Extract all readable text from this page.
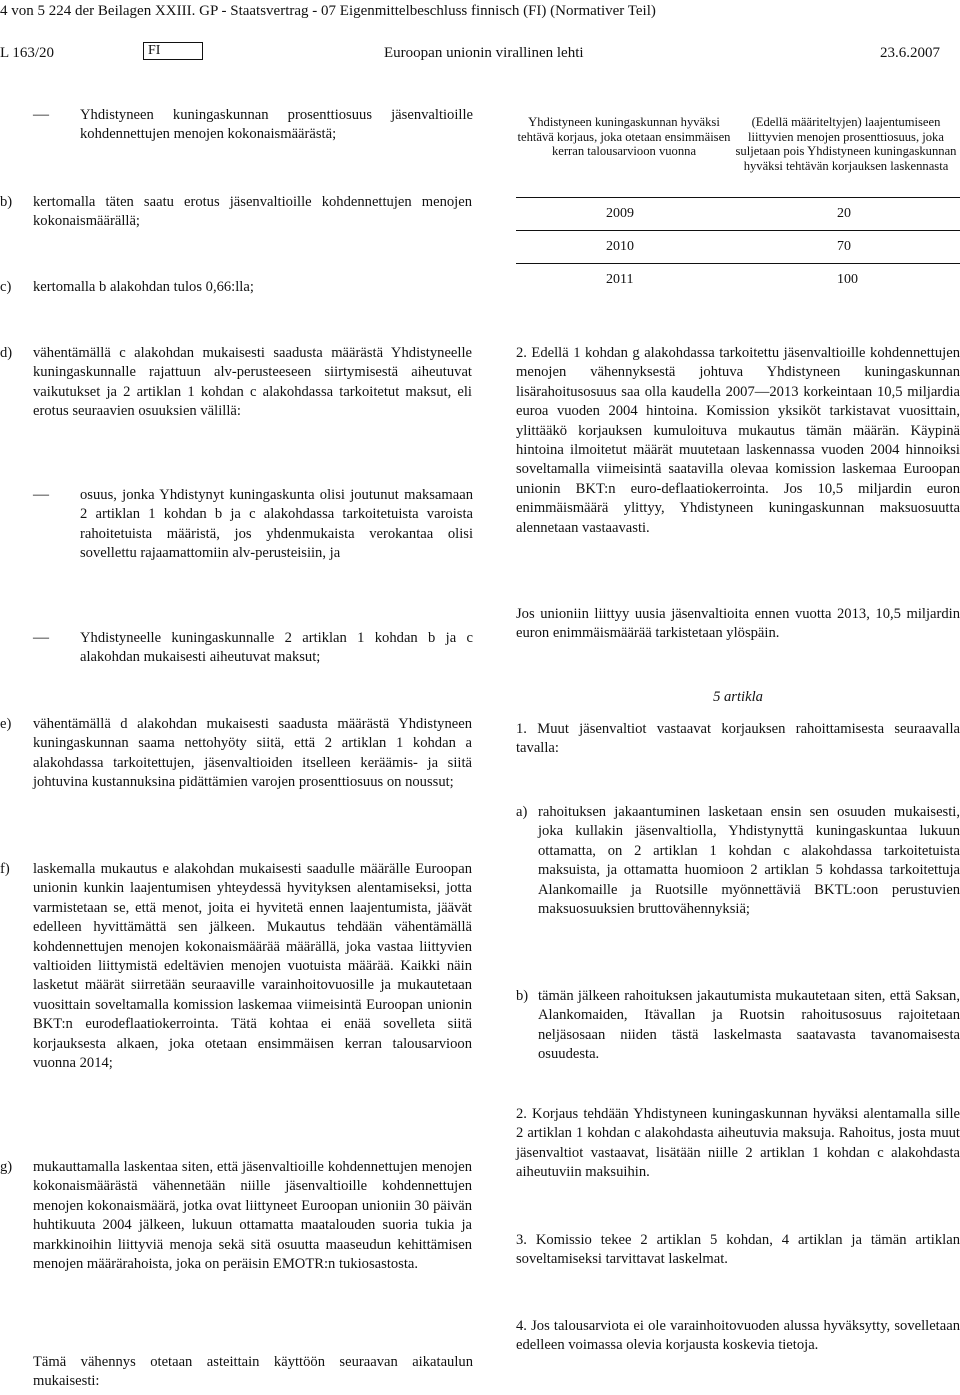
4 von 5 224 der Beilagen XXIII. GP - Staatsvertrag - 07 Eigenmittelbeschluss finnisch (FI) (Normativer Teil)
L 163/20	FI	Euroopan unionin virallinen lehti	23.6.2007
—	Yhdistyneen kuningaskunnan prosenttiosuus jäsenvaltioille kohdennettujen menojen kokonaismäärästä;

b) kertomalla täten saatu erotus jäsenvaltioille kohdennettujen menojen kokonaismäärällä;

c) kertomalla b alakohdan tulos 0,66:lla;

d) vähentämällä c alakohdan mukaisesti saadusta määrästä Yhdistyneelle kuningaskunnalle rajattuun alv-perusteeseen siirtymisestä aiheutuvat vaikutukset ja 2 artiklan 1 kohdan c alakohdassa tarkoitetut maksut, eli erotus seuraavien osuuksien välillä:

—	osuus, jonka Yhdistynyt kuningaskunta olisi joutunut maksamaan 2 artiklan 1 kohdan b ja c alakohdassa tarkoitetuista varoista rahoitetuista määristä, jos yhdenmukaista verokantaa olisi sovellettu rajaamattomiin alv-perusteisiin, ja

—	Yhdistyneelle kuningaskunnalle 2 artiklan 1 kohdan b ja c alakohdan mukaisesti aiheutuvat maksut;

e) vähentämällä d alakohdan mukaisesti saadusta määrästä Yhdistyneen kuningaskunnan saama nettohyöty siitä, että 2 artiklan 1 kohdan a alakohdassa tarkoitettujen, jäsenvaltioiden itselleen keräämis- ja siitä johtuvina kustannuksina pidättämien varojen prosenttiosuus on noussut;

f) laskemalla mukautus e alakohdan mukaisesti saadulle määrälle Euroopan unionin kunkin laajentumisen yhteydessä hyvityksen alentamiseksi, jotta varmistetaan se, että menot, joita ei hyvitetä ennen laajentumista, jäävät edelleen hyvittämättä sen jälkeen. Mukautus tehdään vähentämällä kohdennettujen menojen kokonaismäärää määrällä, joka vastaa liittyvien valtioiden liittymistä edeltävien menojen vuotuista määrää. Kaikki näin lasketut määrät siirretään seuraaville varainhoitovuosille ja mukautetaan vuosittain soveltamalla komission laskemaa viimeisintä Euroopan unionin BKT:n eurodeflaatiokerrointa. Tätä kohtaa ei enää sovelleta siitä korjauksesta alkaen, joka otetaan ensimmäisen kerran talousarvioon vuonna 2014;

g) mukauttamalla laskentaa siten, että jäsenvaltioille kohdennettujen menojen kokonaismäärästä vähennetään niille jäsenvaltioille kohdennettujen menojen kokonaismäärä, jotka ovat liittyneet Euroopan unioniin 30 päivän huhtikuuta 2004 jälkeen, lukuun ottamatta maatalouden suoria tukia ja markkinoihin liittyviä menoja sekä sitä osuutta maaseudun kehittämisen menojen määrärahoista, joka on peräisin EMOTR:n tukiosastosta.

Tämä vähennys otetaan asteittain käyttöön seuraavan aikataulun mukaisesti:

Yhdistyneen kuningaskunnan hyväksi tehtävä korjaus, joka otetaan ensimmäisen kerran talousarvioon vuonna	(Edellä määriteltyjen) laajentumiseen liittyvien menojen prosenttiosuus, joka suljetaan pois Yhdistyneen kuningaskunnan hyväksi tehtävän korjauksen laskennasta

2009	20
2010	70
2011	100

2. Edellä 1 kohdan g alakohdassa tarkoitettu jäsenvaltioille kohdennettujen menojen vähennyksestä johtuva Yhdistyneen kuningaskunnan lisärahoitusosuus saa olla kaudella 2007—2013 korkeintaan 10,5 miljardia euroa vuoden 2004 hintoina. Komission yksiköt tarkistavat vuosittain, ylittääkö korjauksen kumuloituva mukautus tämän määrän. Käypinä hintoina ilmoitetut määrät muutetaan laskennassa vuoden 2004 hinnoiksi soveltamalla viimeisintä saatavilla olevaa komission laskemaa Euroopan unionin BKT:n euro-deflaatiokerrointa. Jos 10,5 miljardin euron enimmäismäärä ylittyy, Yhdistyneen kuningaskunnan maksuosuutta alennetaan vastaavasti.

Jos unioniin liittyy uusia jäsenvaltioita ennen vuotta 2013, 10,5 miljardin euron enimmäismäärää tarkistetaan ylöspäin.

5 artikla

1. Muut jäsenvaltiot vastaavat korjauksen rahoittamisesta seuraavalla tavalla:

a) rahoituksen jakaantuminen lasketaan ensin sen osuuden mukaisesti, joka kullakin jäsenvaltiolla, Yhdistynyttä kuningaskuntaa lukuun ottamatta, on 2 artiklan 1 kohdan c alakohdassa tarkoitetuista maksuista, ja ottamatta huomioon 2 artiklan 5 kohdassa tarkoitettuja Alankomaille ja Ruotsille myönnettäviä BKTL:oon perustuvien maksuosuuksien bruttovähennyksiä;

b) tämän jälkeen rahoituksen jakautumista mukautetaan siten, että Saksan, Alankomaiden, Itävallan ja Ruotsin rahoitusosuus rajoitetaan neljäsosaan niiden tästä laskelmasta saatavasta tavanomaisesta osuudesta.

2. Korjaus tehdään Yhdistyneen kuningaskunnan hyväksi alentamalla sille 2 artiklan 1 kohdan c alakohdasta aiheutuvia maksuja. Rahoitus, josta muut jäsenvaltiot vastaavat, lisätään niille 2 artiklan 1 kohdan c alakohdasta aiheutuviin maksuihin.

3. Komissio tekee 2 artiklan 5 kohdan, 4 artiklan ja tämän artiklan soveltamiseksi tarvittavat laskelmat.

4. Jos talousarviota ei ole varainhoitovuoden alussa hyväksytty, sovelletaan edelleen voimassa olevia korjausta koskevia tietoja.
